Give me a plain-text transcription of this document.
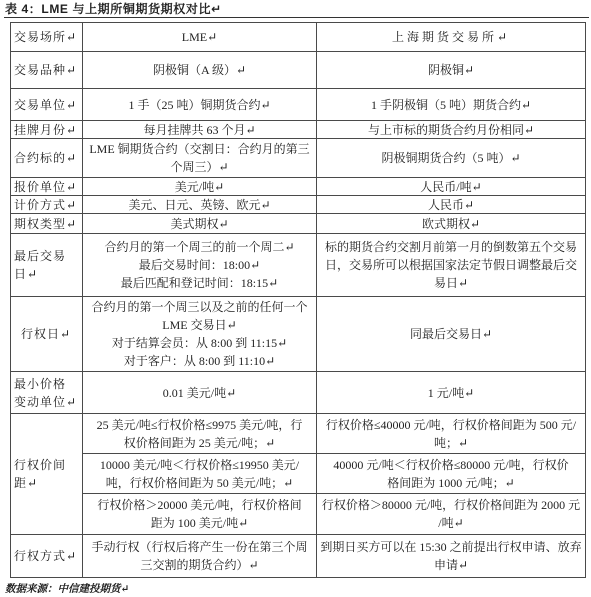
表 4：LME 与上期所铜期货期权对比↵
交易场所↵	LME↵	上海期货交易所↵

交易品种↵	阴极铜（A 级）↵	阴极铜↵

交易单位↵	1 手（25 吨）铜期货合约↵	1 手阴极铜（5 吨）期货合约↵

挂牌月份↵	每月挂牌共 63 个月↵	与上市标的期货合约月份相同↵

合约标的↵	LME 铜期货合约（交割日：合约月的第三
个周三）↵	阴极铜期货合约（5 吨）↵

报价单位↵	美元/吨↵	人民币/吨↵

计价方式↵	美元、日元、英镑、欧元↵	人民币↵

期权类型↵	美式期权↵	欧式期权↵

最后交易
日↵	合约月的第一个周三的前一个周二↵
最后交易时间：18:00↵
最后匹配和登记时间：18:15↵	标的期货合约交割月前第一月的倒数第五个交易
日，交易所可以根据国家法定节假日调整最后交
易日↵

行权日↵	合约月的第一个周三以及之前的任何一个
LME 交易日↵
对于结算会员：从 8:00 到 11:15↵
对于客户：从 8:00 到 11:10↵	同最后交易日↵

最小价格
变动单位↵	0.01 美元/吨↵	1 元/吨↵

行权价间
距↵	25 美元/吨≤行权价格≤9975 美元/吨，行
权价格间距为 25 美元/吨；↵	行权价格≤40000 元/吨，行权价格间距为 500 元/
吨；↵

	10000 美元/吨＜行权价格≤19950 美元/
吨，行权价格间距为 50 美元/吨；↵	40000 元/吨＜行权价格≤80000 元/吨，行权价
格间距为 1000 元/吨；↵

	行权价格＞20000 美元/吨，行权价格间
距为 100 美元/吨↵	行权价格＞80000 元/吨，行权价格间距为 2000 元
/吨↵

行权方式↵	手动行权（行权后将产生一份在第三个周
三交割的期货合约）↵	到期日买方可以在 15:30 之前提出行权申请、放弃
申请↵
数据来源：中信建投期货↵
